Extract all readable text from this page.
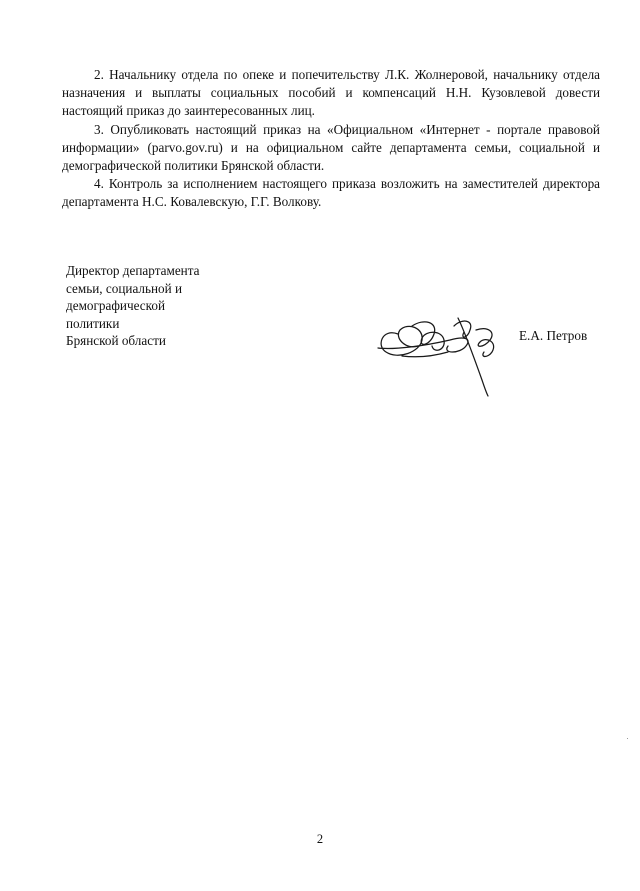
2. Начальнику отдела по опеке и попечительству Л.К. Жолнеровой, начальнику отдела назначения и выплаты социальных пособий и компенсаций Н.Н. Кузовлевой довести настоящий приказ до заинтересованных лиц.

3. Опубликовать настоящий приказ на «Официальном «Интернет - портале правовой информации» (parvo.gov.ru) и на официальном сайте департамента семьи, социальной и демографической политики Брянской области.

4. Контроль за исполнением настоящего приказа возложить на заместителей директора департамента Н.С. Ковалевскую, Г.Г. Волкову.

Директор департамента
семьи, социальной и
демографической
политики
Брянской области	Е.А. Петров
2
